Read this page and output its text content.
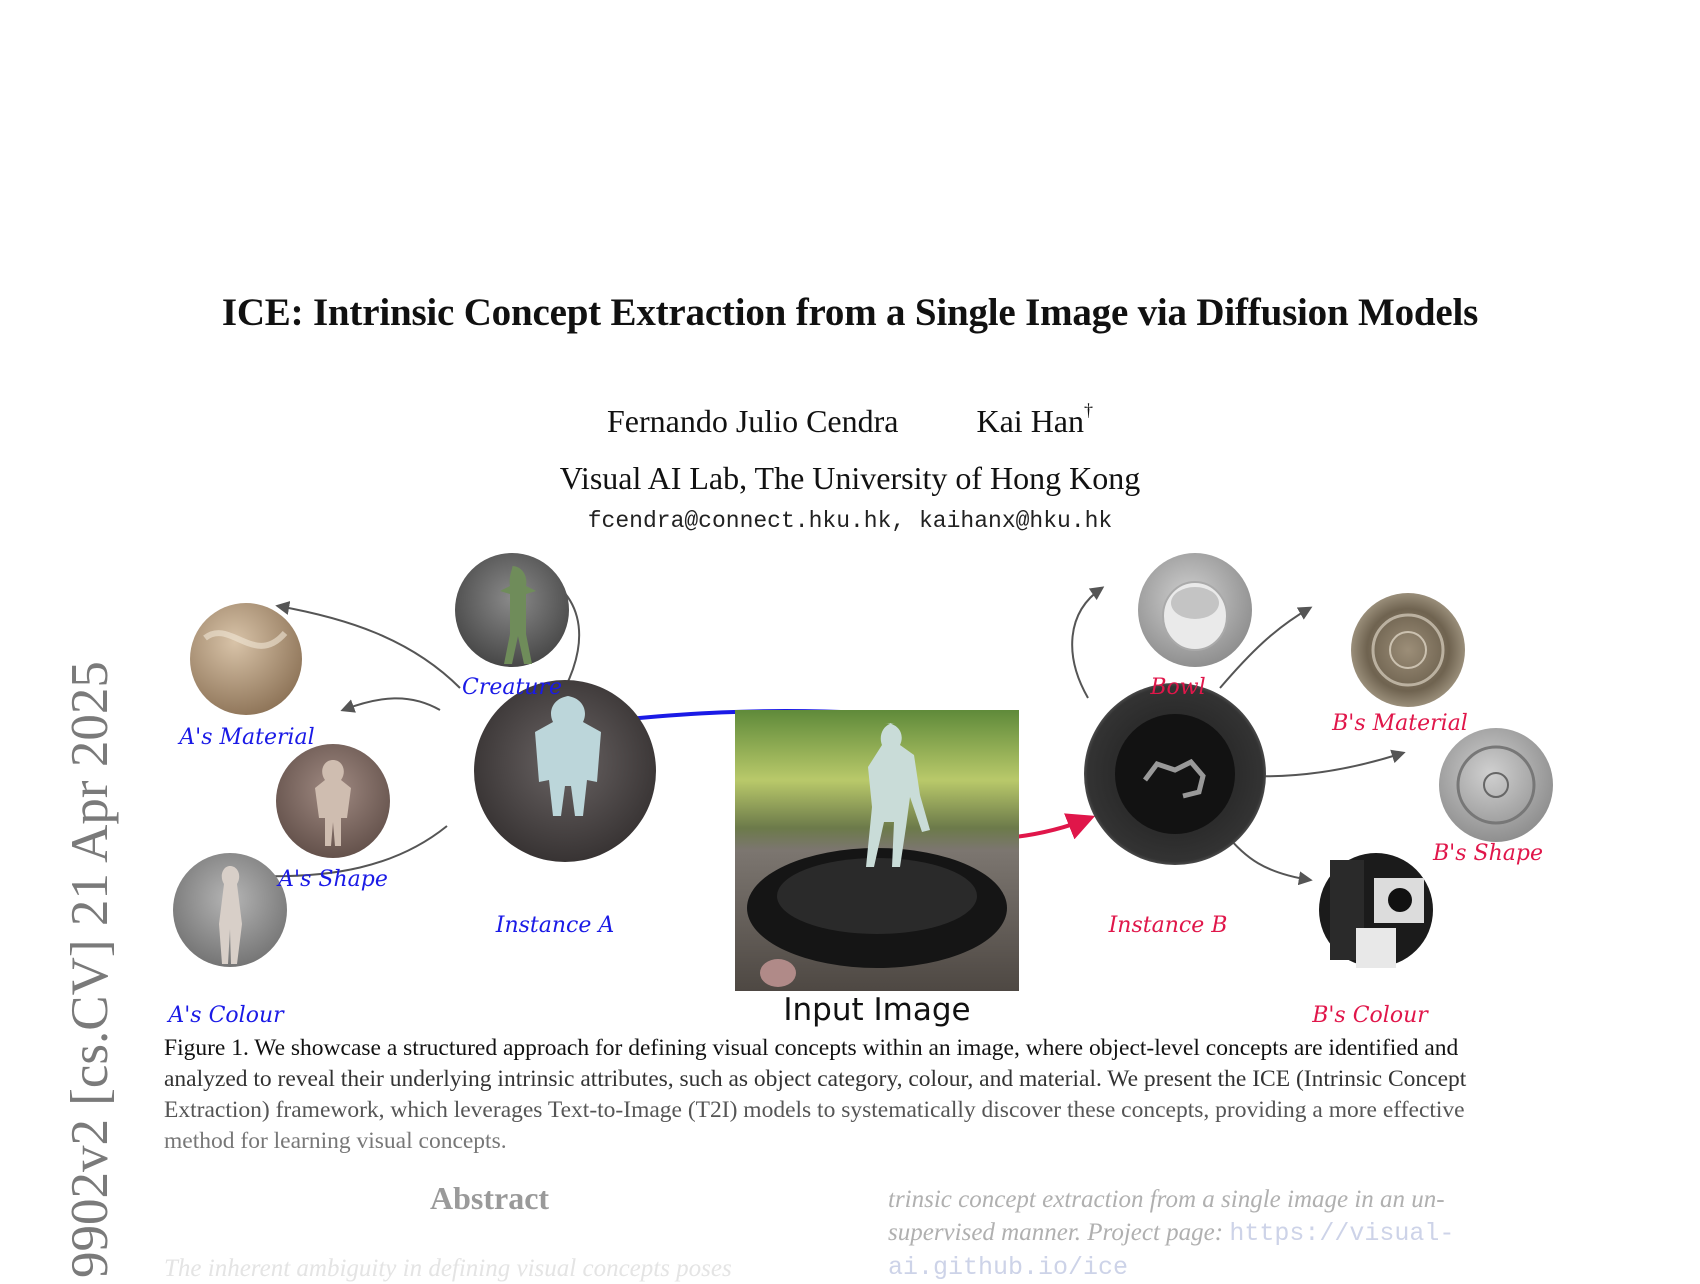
ICE: Intrinsic Concept Extraction from a Single Image via Diffusion Models
Fernando Julio Cendra Kai Han†
Visual AI Lab, The University of Hong Kong
fcendra@connect.hku.hk, kaihanx@hku.hk
9902v2 [cs.CV] 21 Apr 2025	Input Image
Creature
A's Material
A's Shape
Instance A
A's Colour
Bowl
B's Material
B's Shape
Instance B
B's Colour
Figure 1. We showcase a structured approach for defining visual concepts within an image, where object-level concepts are identified and
analyzed to reveal their underlying intrinsic attributes, such as object category, colour, and material. We present the ICE (Intrinsic Concept
Extraction) framework, which leverages Text-to-Image (T2I) models to systematically discover these concepts, providing a more effective
method for learning visual concepts.
Abstract
The inherent ambiguity in defining visual concepts poses
trinsic concept extraction from a single image in an un-
supervised manner. Project page: https://visual-
ai.github.io/ice
